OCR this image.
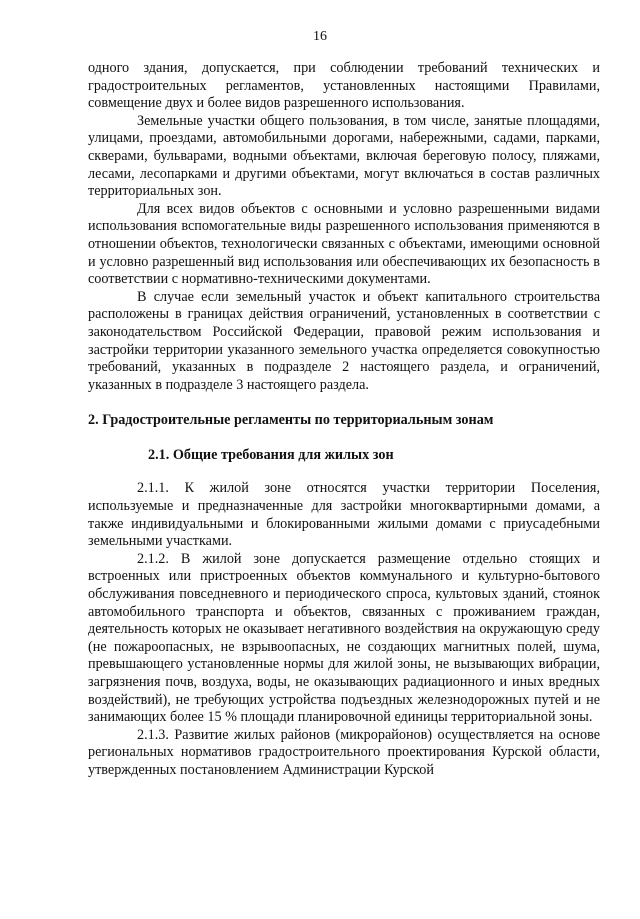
16

одного здания, допускается, при соблюдении требований технических и градостроительных регламентов, установленных настоящими Правилами, совмещение двух и более видов разрешенного использования.

Земельные участки общего пользования, в том числе, занятые площадями, улицами, проездами, автомобильными дорогами, набережными, садами, парками, скверами, бульварами, водными объектами, включая береговую полосу, пляжами, лесами, лесопарками и другими объектами, могут включаться в состав различных территориальных зон.

Для всех видов объектов с основными и условно разрешенными видами использования вспомогательные виды разрешенного использования применяются в отношении объектов, технологически связанных с объектами, имеющими основной и условно разрешенный вид использования или обеспечивающих их безопасность в соответствии с нормативно-техническими документами.

В случае если земельный участок и объект капитального строительства расположены в границах действия ограничений, установленных в соответствии с законодательством Российской Федерации, правовой режим использования и застройки территории указанного земельного участка определяется совокупностью требований, указанных в подразделе 2 настоящего раздела, и ограничений, указанных в подразделе 3 настоящего раздела.

2. Градостроительные регламенты по территориальным зонам

2.1. Общие требования для жилых зон

2.1.1. К жилой зоне относятся участки территории Поселения, используемые и предназначенные для застройки многоквартирными домами, а также индивидуальными и блокированными жилыми домами с приусадебными земельными участками.

2.1.2. В жилой зоне допускается размещение отдельно стоящих и встроенных или пристроенных объектов коммунального и культурно-бытового обслуживания повседневного и периодического спроса, культовых зданий, стоянок автомобильного транспорта и объектов, связанных с проживанием граждан, деятельность которых не оказывает негативного воздействия на окружающую среду (не пожароопасных, не взрывоопасных, не создающих магнитных полей, шума, превышающего установленные нормы для жилой зоны, не вызывающих вибрации, загрязнения почв, воздуха, воды, не оказывающих радиационного и иных вредных воздействий), не требующих устройства подъездных железнодорожных путей и не занимающих более 15 % площади планировочной единицы территориальной зоны.

2.1.3. Развитие жилых районов (микрорайонов) осуществляется на основе региональных нормативов градостроительного проектирования Курской области, утвержденных постановлением Администрации Курской
